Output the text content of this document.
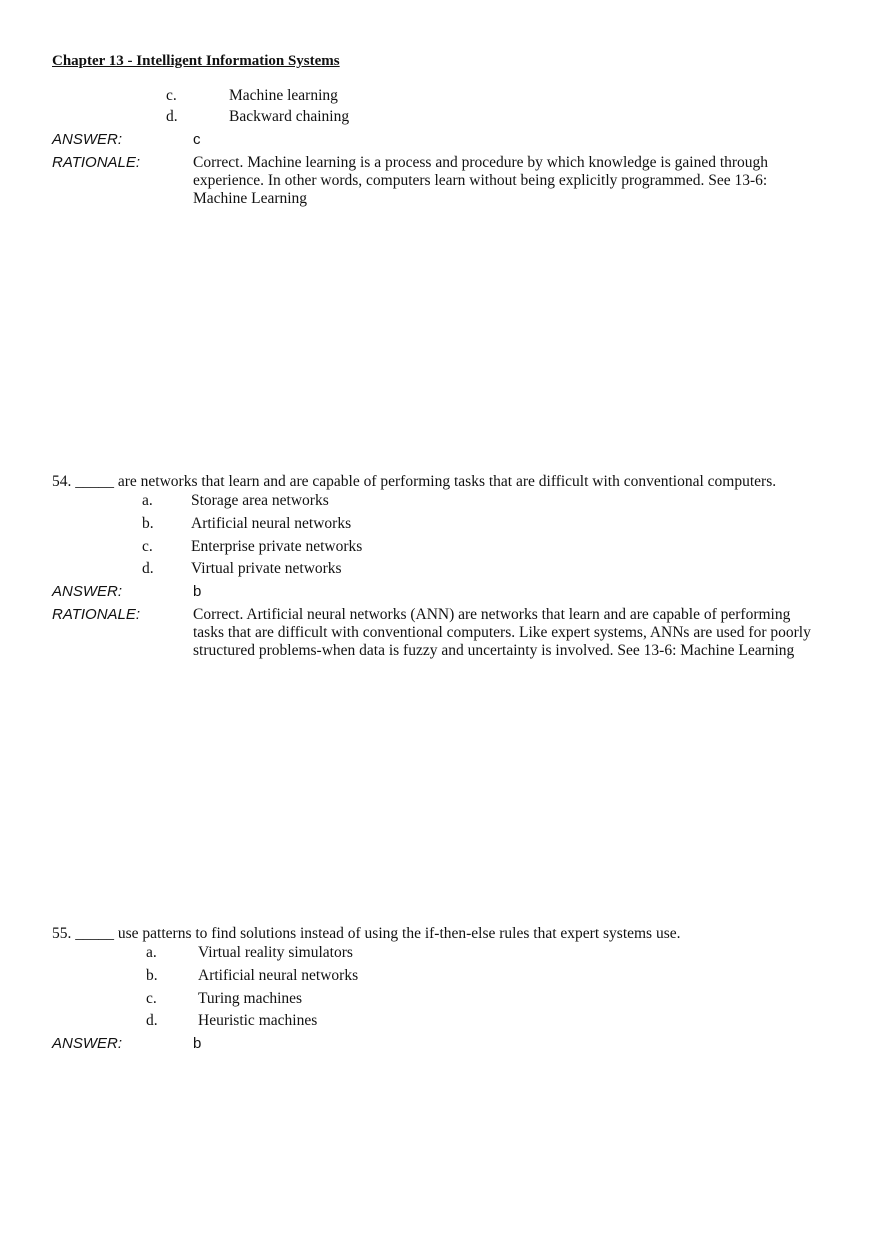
Chapter 13 - Intelligent Information Systems
c.	Machine learning
d.	Backward chaining
ANSWER:	c
RATIONALE:	Correct. Machine learning is a process and procedure by which knowledge is gained through
experience. In other words, computers learn without being explicitly programmed. See 13-6:
Machine Learning
54. _____ are networks that learn and are capable of performing tasks that are difficult with conventional computers.
a. Storage area networks
b. Artificial neural networks
c. Enterprise private networks
d. Virtual private networks
ANSWER:	b
RATIONALE:	Correct. Artificial neural networks (ANN) are networks that learn and are capable of performing
tasks that are difficult with conventional computers. Like expert systems, ANNs are used for poorly
structured problems-when data is fuzzy and uncertainty is involved. See 13-6: Machine Learning
55. _____ use patterns to find solutions instead of using the if-then-else rules that expert systems use.
a.	Virtual reality simulators
b.	Artificial neural networks
c.	Turing machines
d.	Heuristic machines
ANSWER:	b
